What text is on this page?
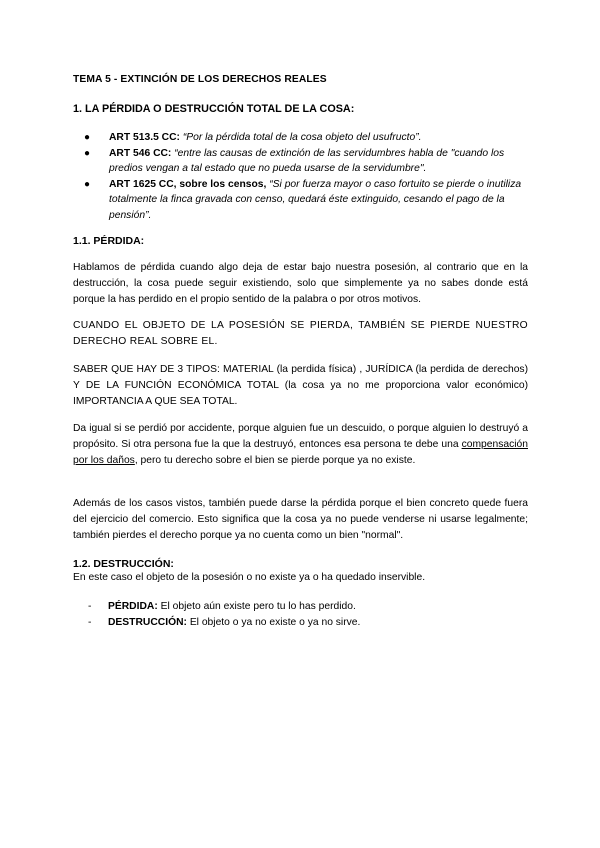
TEMA 5 - EXTINCIÓN DE LOS DERECHOS REALES
1. LA PÉRDIDA O DESTRUCCIÓN TOTAL DE LA COSA:
●	ART 513.5 CC: “Por la pérdida total de la cosa objeto del usufructo”.
●	ART 546 CC: “entre las causas de extinción de las servidumbres habla de "cuando los predios vengan a tal estado que no pueda usarse de la servidumbre".
●	ART 1625 CC, sobre los censos, “Si por fuerza mayor o caso fortuito se pierde o inutiliza totalmente la finca gravada con censo, quedará éste extinguido, cesando el pago de la pensión”.
1.1. PÉRDIDA:
Hablamos de pérdida cuando algo deja de estar bajo nuestra posesión, al contrario que en la destrucción, la cosa puede seguir existiendo, solo que simplemente ya no sabes donde está porque la has perdido en el propio sentido de la palabra o por otros motivos.
CUANDO EL OBJETO DE LA POSESIÓN SE PIERDA, TAMBIÉN SE PIERDE NUESTRO DERECHO REAL SOBRE EL.
SABER QUE HAY DE 3 TIPOS: MATERIAL (la perdida física) , JURÍDICA (la perdida de derechos) Y DE LA FUNCIÓN ECONÓMICA TOTAL (la cosa ya no me proporciona valor económico) IMPORTANCIA A QUE SEA TOTAL.
Da igual si se perdió por accidente, porque alguien fue un descuido, o porque alguien lo destruyó a propósito. Si otra persona fue la que la destruyó, entonces esa persona te debe una compensación por los daños, pero tu derecho sobre el bien se pierde porque ya no existe.
Además de los casos vistos, también puede darse la pérdida porque el bien concreto quede fuera del ejercicio del comercio. Esto significa que la cosa ya no puede venderse ni usarse legalmente; también pierdes el derecho porque ya no cuenta como un bien "normal".
1.2. DESTRUCCIÓN:
En este caso el objeto de la posesión o no existe ya o ha quedado inservible.
- PÉRDIDA: El objeto aún existe pero tu lo has perdido.
- DESTRUCCIÓN: El objeto o ya no existe o ya no sirve.
